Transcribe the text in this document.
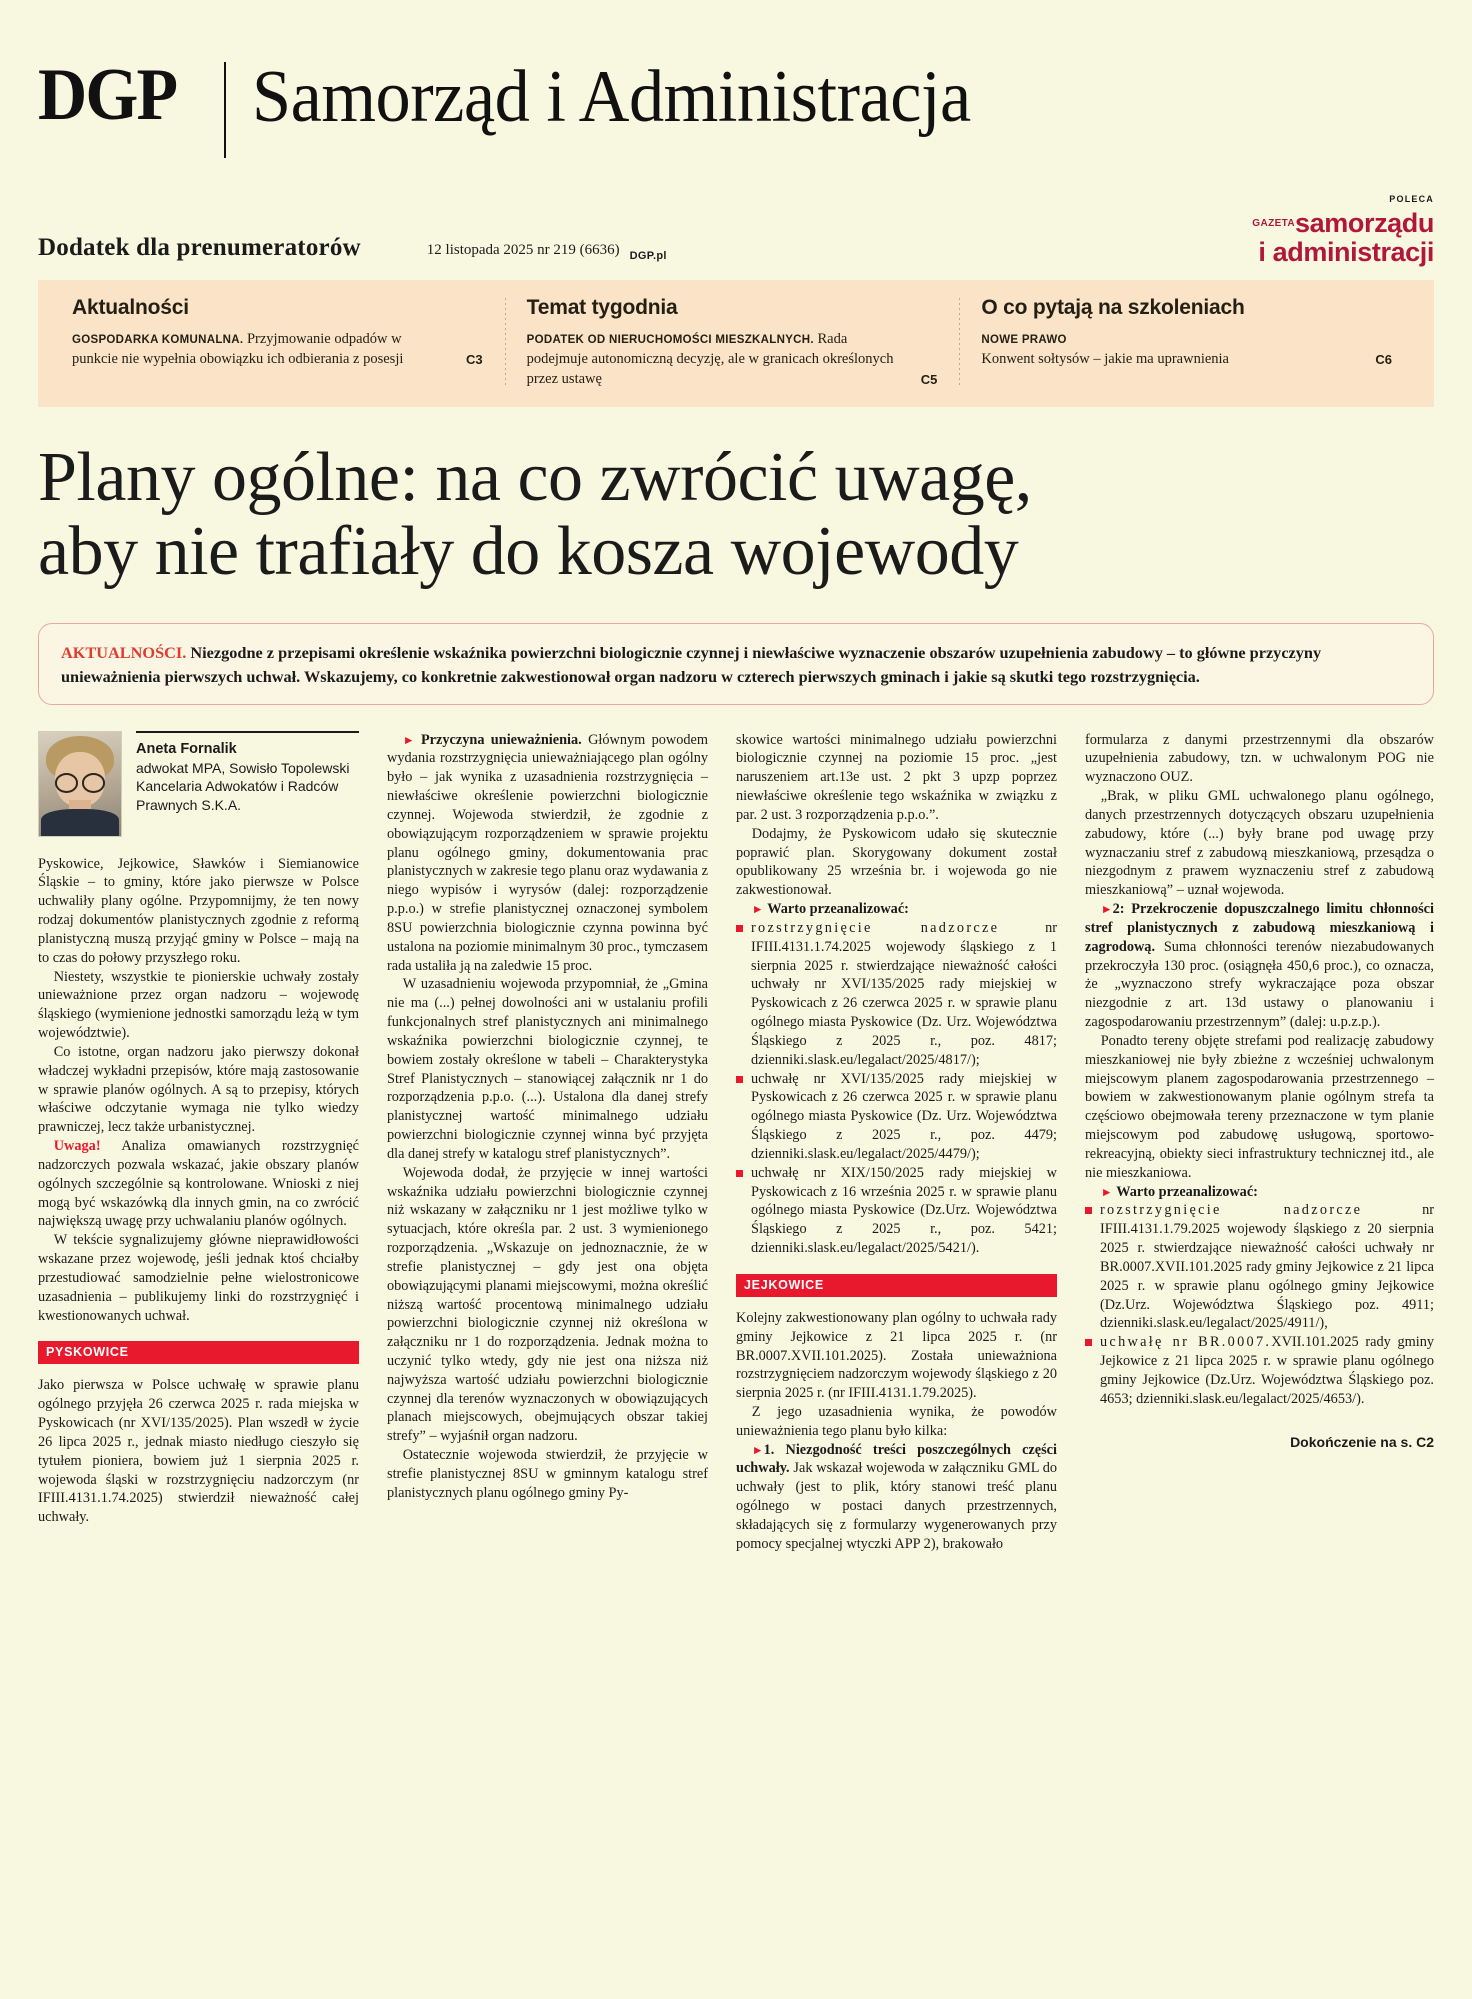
DGP Samorząd i Administracja
Dodatek dla prenumeratorów	12 listopada 2025 nr 219 (6636) DGP.pl
POLECA
$^{GAZETA}$samorządu
i administracji
Aktualności
GOSPODARKA KOMUNALNA. Przyjmowanie odpadów w punkcie nie wypełnia obowiązku ich odbierania z posesji	C3
Temat tygodnia
PODATEK OD NIERUCHOMOŚCI MIESZKALNYCH. Rada podejmuje autonomiczną decyzję, ale w granicach określonych przez ustawę	C5
O co pytają na szkoleniach
NOWE PRAWO
Konwent sołtysów – jakie ma uprawnienia	C6
Plany ogólne: na co zwrócić uwagę,
aby nie trafiały do kosza wojewody
AKTUALNOŚCI. Niezgodne z przepisami określenie wskaźnika powierzchni biologicznie czynnej i niewłaściwe wyznaczenie obszarów uzupełnienia zabudowy – to główne przyczyny unieważnienia pierwszych uchwał. Wskazujemy, co konkretnie zakwestionował organ nadzoru w czterech pierwszych gminach i jakie są skutki tego rozstrzygnięcia.
Aneta Fornalik
adwokat MPA, Sowisło Topolewski Kancelaria Adwokatów i Radców Prawnych S.K.A.

Pyskowice, Jejkowice, Sławków i Siemianowice Śląskie – to gminy, które jako pierwsze w Polsce uchwaliły plany ogólne. Przypomnijmy, że ten nowy rodzaj dokumentów planistycznych zgodnie z reformą planistyczną muszą przyjąć gminy w Polsce – mają na to czas do połowy przyszłego roku.

Niestety, wszystkie te pionierskie uchwały zostały unieważnione przez organ nadzoru – wojewodę śląskiego (wymienione jednostki samorządu leżą w tym województwie).

Co istotne, organ nadzoru jako pierwszy dokonał władczej wykładni przepisów, które mają zastosowanie w sprawie planów ogólnych. A są to przepisy, których właściwe odczytanie wymaga nie tylko wiedzy prawniczej, lecz także urbanistycznej.

Uwaga! Analiza omawianych rozstrzygnięć nadzorczych pozwala wskazać, jakie obszary planów ogólnych szczególnie są kontrolowane. Wnioski z niej mogą być wskazówką dla innych gmin, na co zwrócić największą uwagę przy uchwalaniu planów ogólnych.

W tekście sygnalizujemy główne nieprawidłowości wskazane przez wojewodę, jeśli jednak ktoś chciałby przestudiować samodzielnie pełne wielostronicowe uzasadnienia – publikujemy linki do rozstrzygnięć i kwestionowanych uchwał.

PYSKOWICE

Jako pierwsza w Polsce uchwałę w sprawie planu ogólnego przyjęła 26 czerwca 2025 r. rada miejska w Pyskowicach (nr XVI/135/2025). Plan wszedł w życie 26 lipca 2025 r., jednak miasto niedługo cieszyło się tytułem pioniera, bowiem już 1 sierpnia 2025 r. wojewoda śląski w rozstrzygnięciu nadzorczym (nr IFIII.4131.1.74.2025) stwierdził nieważność całej uchwały.

► Przyczyna unieważnienia. Głównym powodem wydania rozstrzygnięcia unieważniającego plan ogólny było – jak wynika z uzasadnienia rozstrzygnięcia – niewłaściwe określenie powierzchni biologicznie czynnej. Wojewoda stwierdził, że zgodnie z obowiązującym rozporządzeniem w sprawie projektu planu ogólnego gminy, dokumentowania prac planistycznych w zakresie tego planu oraz wydawania z niego wypisów i wyrysów (dalej: rozporządzenie p.p.o.) w strefie planistycznej oznaczonej symbolem 8SU powierzchnia biologicznie czynna powinna być ustalona na poziomie minimalnym 30 proc., tymczasem rada ustaliła ją na zaledwie 15 proc.

W uzasadnieniu wojewoda przypomniał, że „Gmina nie ma (...) pełnej dowolności ani w ustalaniu profili funkcjonalnych stref planistycznych ani minimalnego wskaźnika powierzchni biologicznie czynnej, te bowiem zostały określone w tabeli – Charakterystyka Stref Planistycznych – stanowiącej załącznik nr 1 do rozporządzenia p.p.o. (...). Ustalona dla danej strefy planistycznej wartość minimalnego udziału powierzchni biologicznie czynnej winna być przyjęta dla danej strefy w katalogu stref planistycznych”.

Wojewoda dodał, że przyjęcie w innej wartości wskaźnika udziału powierzchni biologicznie czynnej niż wskazany w załączniku nr 1 jest możliwe tylko w sytuacjach, które określa par. 2 ust. 3 wymienionego rozporządzenia. „Wskazuje on jednoznacznie, że w strefie planistycznej – gdy jest ona objęta obowiązującymi planami miejscowymi, można określić niższą wartość procentową minimalnego udziału powierzchni biologicznie czynnej niż określona w załączniku nr 1 do rozporządzenia. Jednak można to uczynić tylko wtedy, gdy nie jest ona niższa niż najwyższa wartość udziału powierzchni biologicznie czynnej dla terenów wyznaczonych w obowiązujących planach miejscowych, obejmujących obszar takiej strefy” – wyjaśnił organ nadzoru.

Ostatecznie wojewoda stwierdził, że przyjęcie w strefie planistycznej 8SU w gminnym katalogu stref planistycznych planu ogólnego gminy Py-

skowice wartości minimalnego udziału powierzchni biologicznie czynnej na poziomie 15 proc. „jest naruszeniem art.13e ust. 2 pkt 3 upzp poprzez niewłaściwe określenie tego wskaźnika w związku z par. 2 ust. 3 rozporządzenia p.p.o.”.

Dodajmy, że Pyskowicom udało się skutecznie poprawić plan. Skorygowany dokument został opublikowany 25 września br. i wojewoda go nie zakwestionował.

► Warto przeanalizować:

rozstrzygnięcie nadzorcze nr IFIII.4131.1.74.2025 wojewody śląskiego z 1 sierpnia 2025 r. stwierdzające nieważność całości uchwały nr XVI/135/2025 rady miejskiej w Pyskowicach z 26 czerwca 2025 r. w sprawie planu ogólnego miasta Pyskowice (Dz. Urz. Województwa Śląskiego z 2025 r., poz. 4817; dzienniki.slask.eu/legalact/2025/4817/);
uchwałę nr XVI/135/2025 rady miejskiej w Pyskowicach z 26 czerwca 2025 r. w sprawie planu ogólnego miasta Pyskowice (Dz. Urz. Województwa Śląskiego z 2025 r., poz. 4479; dzienniki.slask.eu/legalact/2025/4479/);
uchwałę nr XIX/150/2025 rady miejskiej w Pyskowicach z 16 września 2025 r. w sprawie planu ogólnego miasta Pyskowice (Dz.Urz. Województwa Śląskiego z 2025 r., poz. 5421; dzienniki.slask.eu/legalact/2025/5421/).
JEJKOWICE

Kolejny zakwestionowany plan ogólny to uchwała rady gminy Jejkowice z 21 lipca 2025 r. (nr BR.0007.XVII.101.2025). Została unieważniona rozstrzygnięciem nadzorczym wojewody śląskiego z 20 sierpnia 2025 r. (nr IFIII.4131.1.79.2025).

Z jego uzasadnienia wynika, że powodów unieważnienia tego planu było kilka:

►1. Niezgodność treści poszczególnych części uchwały. Jak wskazał wojewoda w załączniku GML do uchwały (jest to plik, który stanowi treść planu ogólnego w postaci danych przestrzennych, składających się z formularzy wygenerowanych przy pomocy specjalnej wtyczki APP 2), brakowało

formularza z danymi przestrzennymi dla obszarów uzupełnienia zabudowy, tzn. w uchwalonym POG nie wyznaczono OUZ.

„Brak, w pliku GML uchwalonego planu ogólnego, danych przestrzennych dotyczących obszaru uzupełnienia zabudowy, które (...) były brane pod uwagę przy wyznaczaniu stref z zabudową mieszkaniową, przesądza o niezgodnym z prawem wyznaczeniu stref z zabudową mieszkaniową” – uznał wojewoda.

►2: Przekroczenie dopuszczalnego limitu chłonności stref planistycznych z zabudową mieszkaniową i zagrodową. Suma chłonności terenów niezabudowanych przekroczyła 130 proc. (osiągnęła 450,6 proc.), co oznacza, że „wyznaczono strefy wykraczające poza obszar niezgodnie z art. 13d ustawy o planowaniu i zagospodarowaniu przestrzennym” (dalej: u.p.z.p.).

Ponadto tereny objęte strefami pod realizację zabudowy mieszkaniowej nie były zbieżne z wcześniej uchwalonym miejscowym planem zagospodarowania przestrzennego – bowiem w zakwestionowanym planie ogólnym strefa ta częściowo obejmowała tereny przeznaczone w tym planie miejscowym pod zabudowę usługową, sportowo-rekreacyjną, obiekty sieci infrastruktury technicznej itd., ale nie mieszkaniowa.

► Warto przeanalizować:

rozstrzygnięcie nadzorcze nr IFIII.4131.1.79.2025 wojewody śląskiego z 20 sierpnia 2025 r. stwierdzające nieważność całości uchwały nr BR.0007.XVII.101.2025 rady gminy Jejkowice z 21 lipca 2025 r. w sprawie planu ogólnego gminy Jejkowice (Dz.Urz. Województwa Śląskiego poz. 4911; dzienniki.slask.eu/legalact/2025/4911/),
uchwałę nr BR.0007.XVII.101.2025 rady gminy Jejkowice z 21 lipca 2025 r. w sprawie planu ogólnego gminy Jejkowice (Dz.Urz. Województwa Śląskiego poz. 4653; dzienniki.slask.eu/legalact/2025/4653/).
Dokończenie na s. C2
